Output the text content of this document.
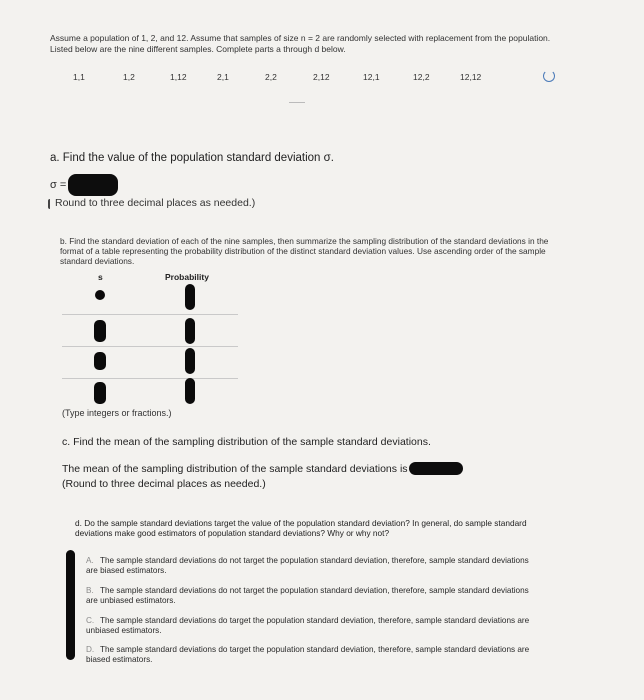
Assume a population of 1, 2, and 12. Assume that samples of size n = 2 are randomly selected with replacement from the population. Listed below are the nine different samples. Complete parts a through d below.
1,1	1,2	1,12	2,1	2,2	2,12	12,1	12,2	12,12
a. Find the value of the population standard deviation σ.
σ =
Round to three decimal places as needed.)
b. Find the standard deviation of each of the nine samples, then summarize the sampling distribution of the standard deviations in the format of a table representing the probability distribution of the distinct standard deviation values. Use ascending order of the sample standard deviations.
s	Probability
(Type integers or fractions.)
c. Find the mean of the sampling distribution of the sample standard deviations.
The mean of the sampling distribution of the sample standard deviations is
(Round to three decimal places as needed.)
d. Do the sample standard deviations target the value of the population standard deviation? In general, do sample standard deviations make good estimators of population standard deviations? Why or why not?
A. The sample standard deviations do not target the population standard deviation, therefore, sample standard deviations are biased estimators.
B. The sample standard deviations do not target the population standard deviation, therefore, sample standard deviations are unbiased estimators.
C. The sample standard deviations do target the population standard deviation, therefore, sample standard deviations are unbiased estimators.
D. The sample standard deviations do target the population standard deviation, therefore, sample standard deviations are biased estimators.
